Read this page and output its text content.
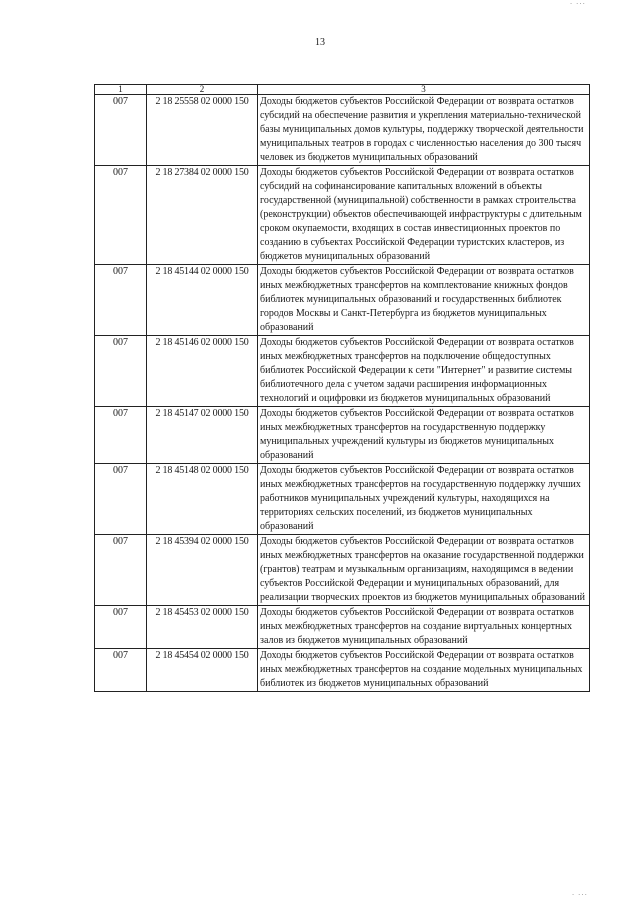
· ···
13
1	2	3
007	2 18 25558 02 0000 150	Доходы бюджетов субъектов Российской Федерации от возврата остатков субсидий на обеспечение развития и укрепления материально-технической базы муниципальных домов культуры, поддержку творческой деятельности муниципальных театров в городах с численностью населения до 300 тысяч человек из бюджетов муниципальных образований
007	2 18 27384 02 0000 150	Доходы бюджетов субъектов Российской Федерации от возврата остатков субсидий на софинансирование капитальных вложений в объекты государственной (муниципальной) собственности в рамках строительства (реконструкции) объектов обеспечивающей инфраструктуры с длительным сроком окупаемости, входящих в состав инвестиционных проектов по созданию в субъектах Российской Федерации туристских кластеров, из бюджетов муниципальных образований
007	2 18 45144 02 0000 150	Доходы бюджетов субъектов Российской Федерации от возврата остатков иных межбюджетных трансфертов на комплектование книжных фондов библиотек муниципальных образований и государственных библиотек городов Москвы и Санкт-Петербурга из бюджетов муниципальных образований
007	2 18 45146 02 0000 150	Доходы бюджетов субъектов Российской Федерации от возврата остатков иных межбюджетных трансфертов на подключение общедоступных библиотек Российской Федерации к сети "Интернет" и развитие системы библиотечного дела с учетом задачи расширения информационных технологий и оцифровки из бюджетов муниципальных образований
007	2 18 45147 02 0000 150	Доходы бюджетов субъектов Российской Федерации от возврата остатков иных межбюджетных трансфертов на государственную поддержку муниципальных учреждений культуры из бюджетов муниципальных образований
007	2 18 45148 02 0000 150	Доходы бюджетов субъектов Российской Федерации от возврата остатков иных межбюджетных трансфертов на государственную поддержку лучших работников муниципальных учреждений культуры, находящихся на территориях сельских поселений, из бюджетов муниципальных образований
007	2 18 45394 02 0000 150	Доходы бюджетов субъектов Российской Федерации от возврата остатков иных межбюджетных трансфертов на оказание государственной поддержки (грантов) театрам и музыкальным организациям, находящимся в ведении субъектов Российской Федерации и муниципальных образований, для реализации творческих проектов из бюджетов муниципальных образований
007	2 18 45453 02 0000 150	Доходы бюджетов субъектов Российской Федерации от возврата остатков иных межбюджетных трансфертов на создание виртуальных концертных залов из бюджетов муниципальных образований
007	2 18 45454 02 0000 150	Доходы бюджетов субъектов Российской Федерации от возврата остатков иных межбюджетных трансфертов на создание модельных муниципальных библиотек из бюджетов муниципальных образований
· ···
